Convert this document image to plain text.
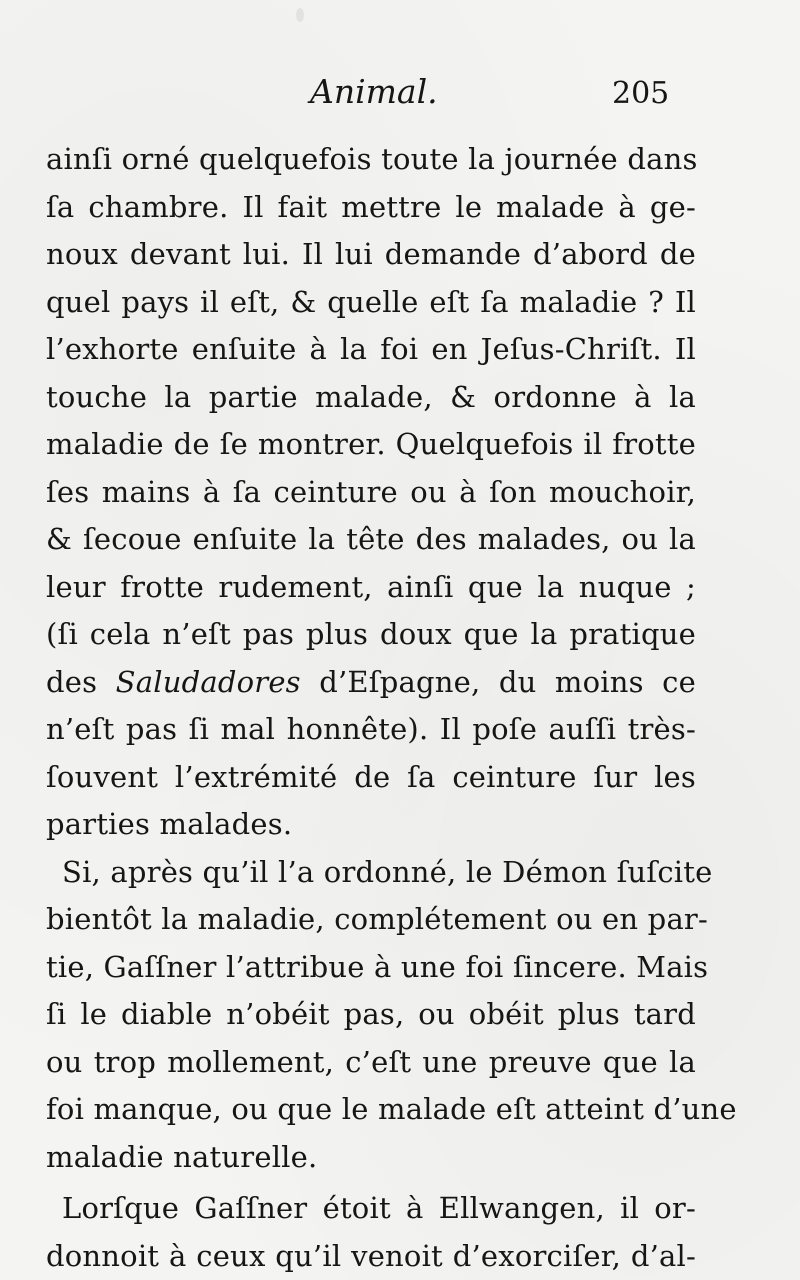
Animal.	205
ainſi orné quelquefois toute la journée dans
ſa chambre. Il fait mettre le malade à ge-
noux devant lui. Il lui demande d’abord de
quel pays il eſt, & quelle eſt ſa maladie ? Il
l’exhorte enſuite à la foi en Jeſus-Chriſt. Il
touche la partie malade, & ordonne à la
maladie de ſe montrer. Quelquefois il frotte
ſes mains à ſa ceinture ou à ſon mouchoir,
& ſecoue enſuite la tête des malades, ou la
leur frotte rudement, ainſi que la nuque ;
(ſi cela n’eſt pas plus doux que la pratique
des Saludadores d’Eſpagne, du moins ce
n’eſt pas ſi mal honnête). Il poſe auſſi très-
ſouvent l’extrémité de ſa ceinture ſur les
parties malades.
Si, après qu’il l’a ordonné, le Démon ſuſcite
bientôt la maladie, complétement ou en par-
tie, Gaſſner l’attribue à une foi ſincere. Mais
ſi le diable n’obéit pas, ou obéit plus tard
ou trop mollement, c’eſt une preuve que la
foi manque, ou que le malade eſt atteint d’une
maladie naturelle.
Lorſque Gaſſner étoit à Ellwangen, il or-
donnoit à ceux qu’il venoit d’exorciſer, d’al-
